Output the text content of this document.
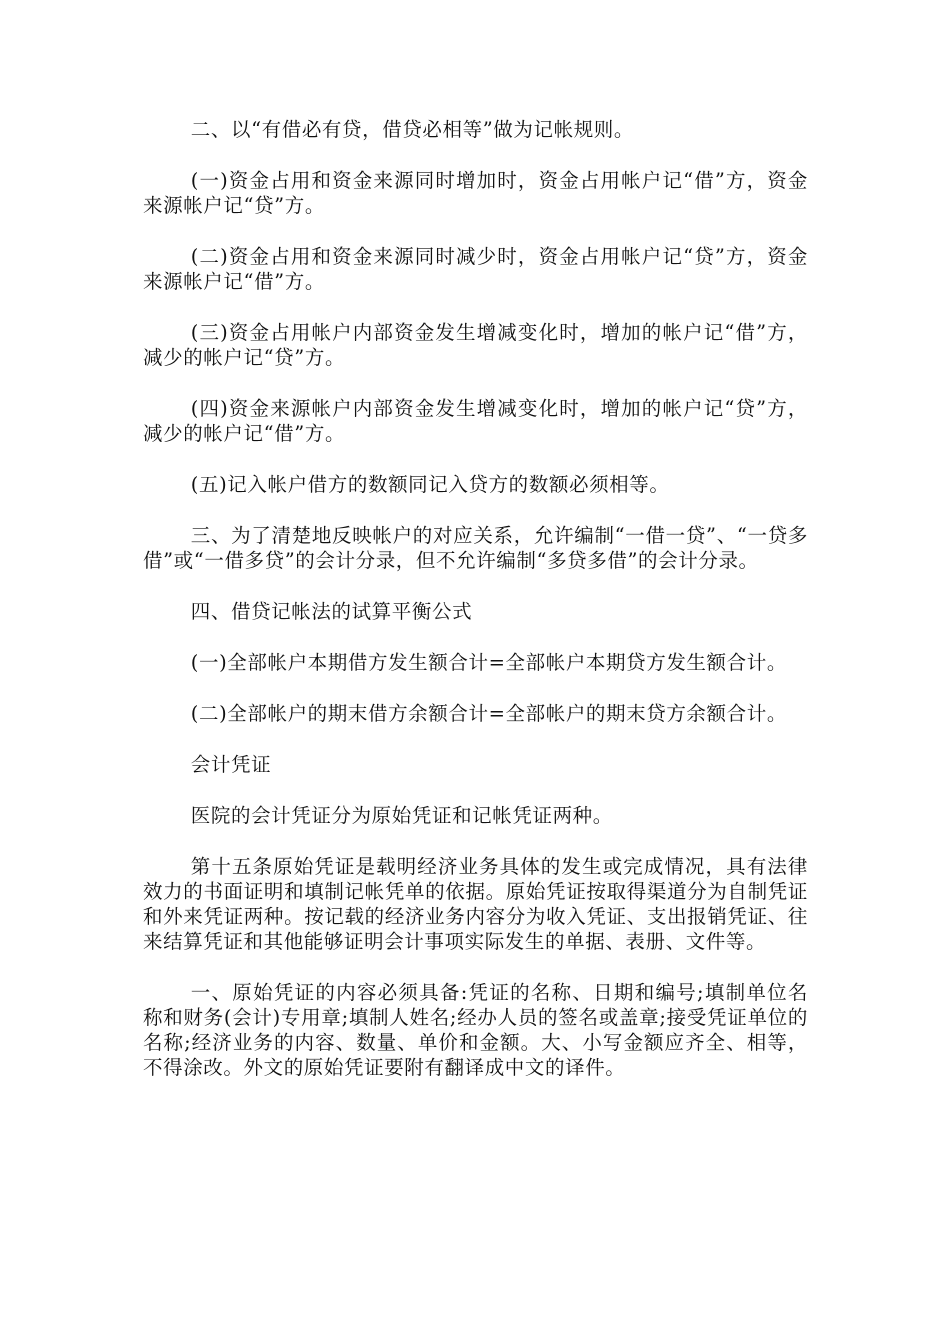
二、以“有借必有贷，借贷必相等”做为记帐规则。

(一)资金占用和资金来源同时增加时，资金占用帐户记“借”方，资金来源帐户记“贷”方。

(二)资金占用和资金来源同时减少时，资金占用帐户记“贷”方，资金来源帐户记“借”方。

(三)资金占用帐户内部资金发生增减变化时，增加的帐户记“借”方，减少的帐户记“贷”方。

(四)资金来源帐户内部资金发生增减变化时，增加的帐户记“贷”方，减少的帐户记“借”方。

(五)记入帐户借方的数额同记入贷方的数额必须相等。

三、为了清楚地反映帐户的对应关系，允许编制“一借一贷”、“一贷多借”或“一借多贷”的会计分录，但不允许编制“多贷多借”的会计分录。

四、借贷记帐法的试算平衡公式

(一)全部帐户本期借方发生额合计=全部帐户本期贷方发生额合计。

(二)全部帐户的期末借方余额合计=全部帐户的期末贷方余额合计。

会计凭证

医院的会计凭证分为原始凭证和记帐凭证两种。

第十五条原始凭证是载明经济业务具体的发生或完成情况，具有法律效力的书面证明和填制记帐凭单的依据。原始凭证按取得渠道分为自制凭证和外来凭证两种。按记载的经济业务内容分为收入凭证、支出报销凭证、往来结算凭证和其他能够证明会计事项实际发生的单据、表册、文件等。

一、原始凭证的内容必须具备:凭证的名称、日期和编号;填制单位名称和财务(会计)专用章;填制人姓名;经办人员的签名或盖章;接受凭证单位的名称;经济业务的内容、数量、单价和金额。大、小写金额应齐全、相等，不得涂改。外文的原始凭证要附有翻译成中文的译件。
